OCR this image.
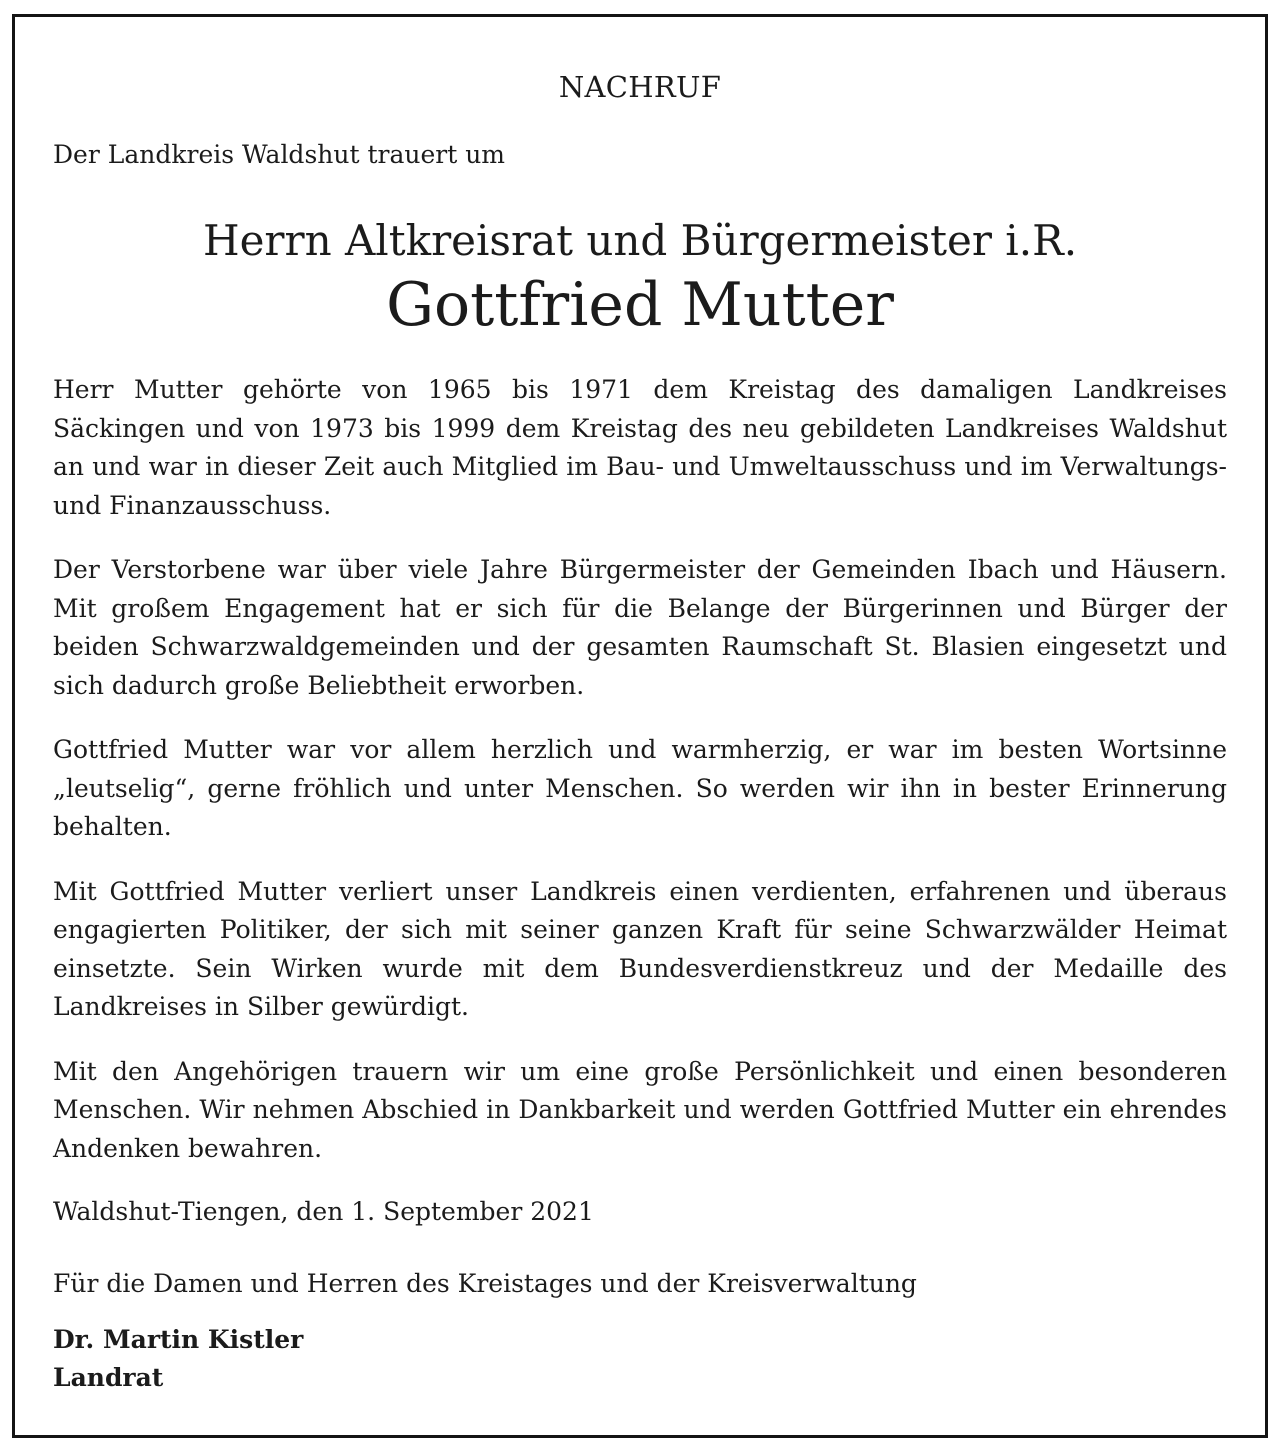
NACHRUF
Der Landkreis Waldshut trauert um
Herrn Altkreisrat und Bürgermeister i.R.
Gottfried Mutter

Herr Mutter gehörte von 1965 bis 1971 dem Kreistag des damaligen Landkreises Säckingen und von 1973 bis 1999 dem Kreistag des neu gebildeten Landkreises Waldshut an und war in dieser Zeit auch Mitglied im Bau- und Umweltausschuss und im Verwaltungs- und Finanzausschuss.

Der Verstorbene war über viele Jahre Bürgermeister der Gemeinden Ibach und Häusern. Mit großem Engagement hat er sich für die Belange der Bürgerinnen und Bürger der beiden Schwarzwaldgemeinden und der gesamten Raumschaft St. Blasien eingesetzt und sich dadurch große Beliebtheit erworben.

Gottfried Mutter war vor allem herzlich und warmherzig, er war im besten Wortsinne „leutselig“, gerne fröhlich und unter Menschen. So werden wir ihn in bester Erinnerung behalten.

Mit Gottfried Mutter verliert unser Landkreis einen verdienten, erfahrenen und überaus engagierten Politiker, der sich mit seiner ganzen Kraft für seine Schwarzwälder Heimat einsetzte. Sein Wirken wurde mit dem Bundesverdienstkreuz und der Medaille des Landkreises in Silber gewürdigt.

Mit den Angehörigen trauern wir um eine große Persönlichkeit und einen besonderen Menschen. Wir nehmen Abschied in Dankbarkeit und werden Gottfried Mutter ein ehrendes Andenken bewahren.

Waldshut-Tiengen, den 1. September 2021
Für die Damen und Herren des Kreistages und der Kreisverwaltung
Dr. Martin Kistler
Landrat
